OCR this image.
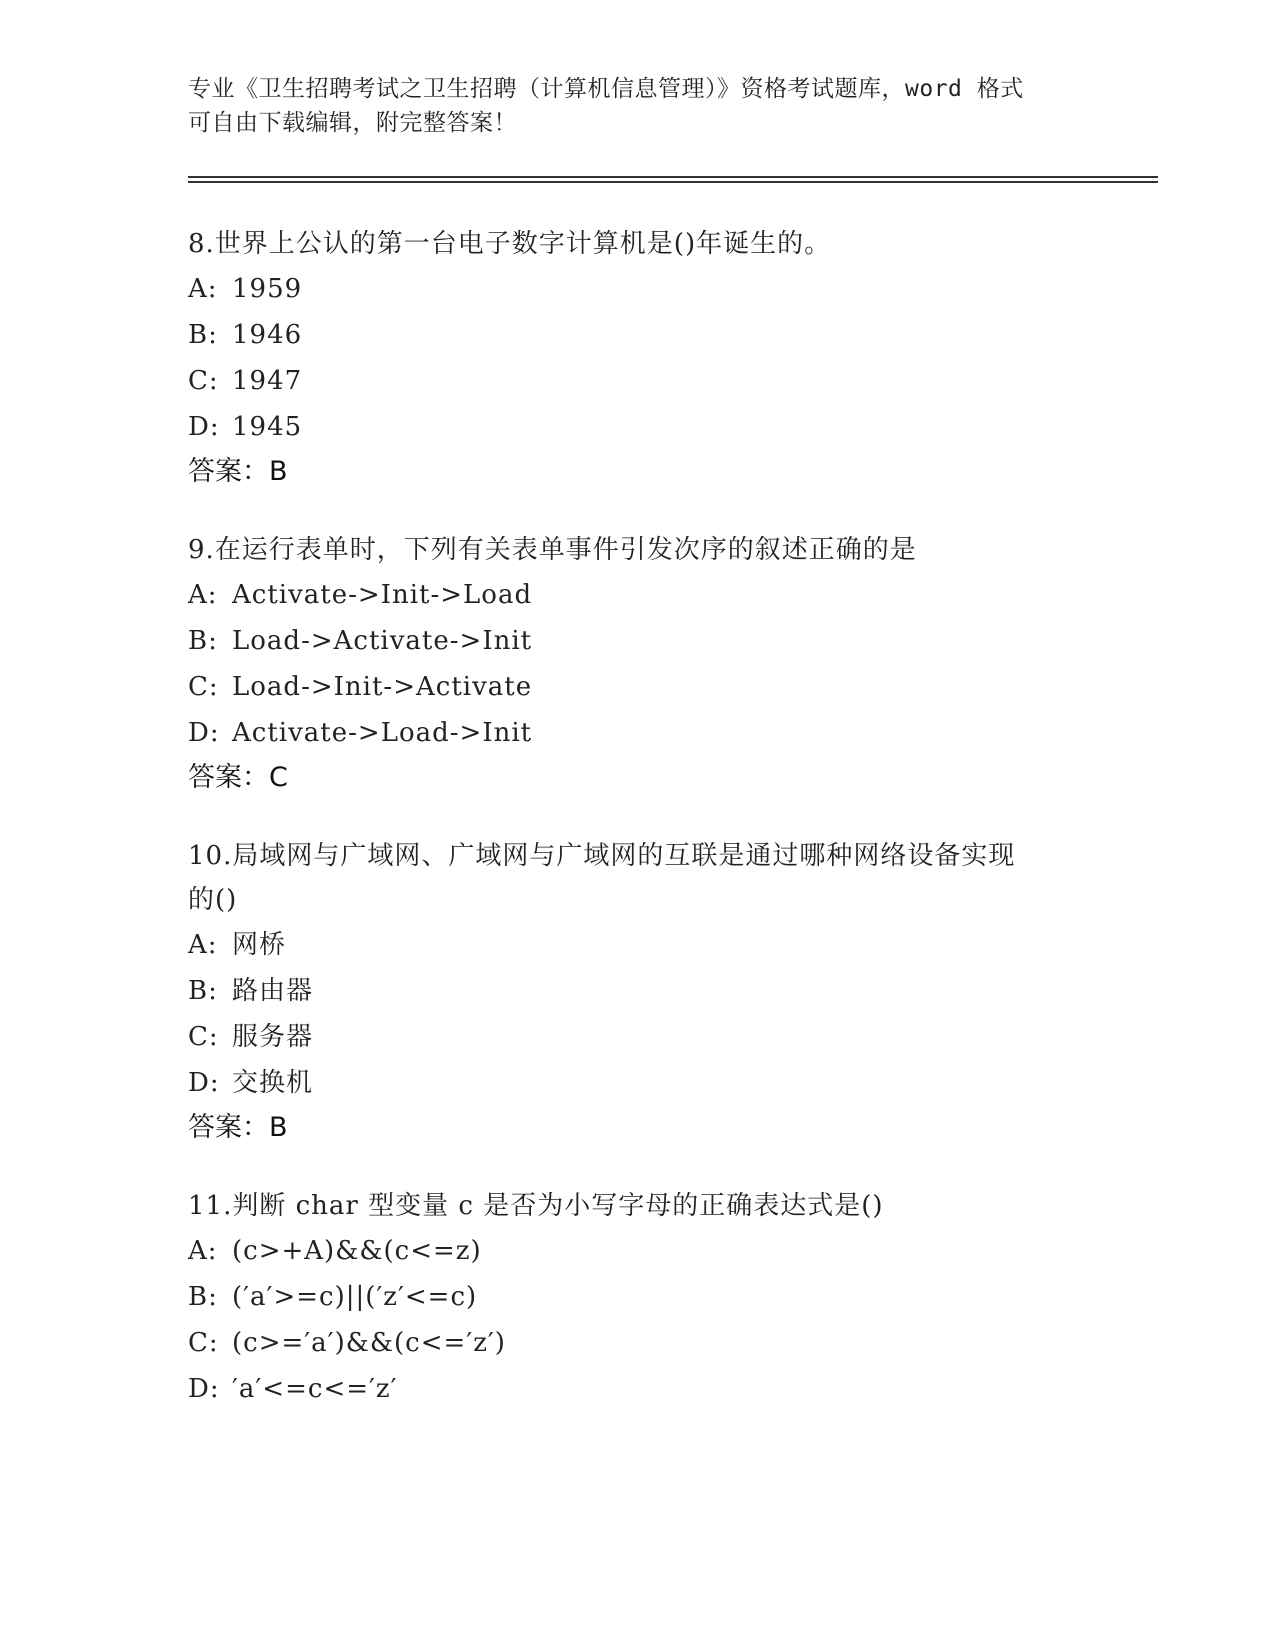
专业《卫生招聘考试之卫生招聘（计算机信息管理）》资格考试题库，word 格式
可自由下载编辑，附完整答案！
8.世界上公认的第一台电子数字计算机是()年诞生的。
A: 1959
B: 1946
C: 1947
D: 1945
答案：B
9.在运行表单时，下列有关表单事件引发次序的叙述正确的是
A: Activate->Init->Load
B: Load->Activate->Init
C: Load->Init->Activate
D: Activate->Load->Init
答案：C
10.局域网与广域网、广域网与广域网的互联是通过哪种网络设备实现
的()
A: 网桥
B: 路由器
C: 服务器
D: 交换机
答案：B
11.判断 char 型变量 c 是否为小写字母的正确表达式是()
A: (c>+A)&&(c<=z)
B: (′a′>=c)||(′z′<=c)
C: (c>=′a′)&&(c<=′z′)
D: ′a′<=c<=′z′
